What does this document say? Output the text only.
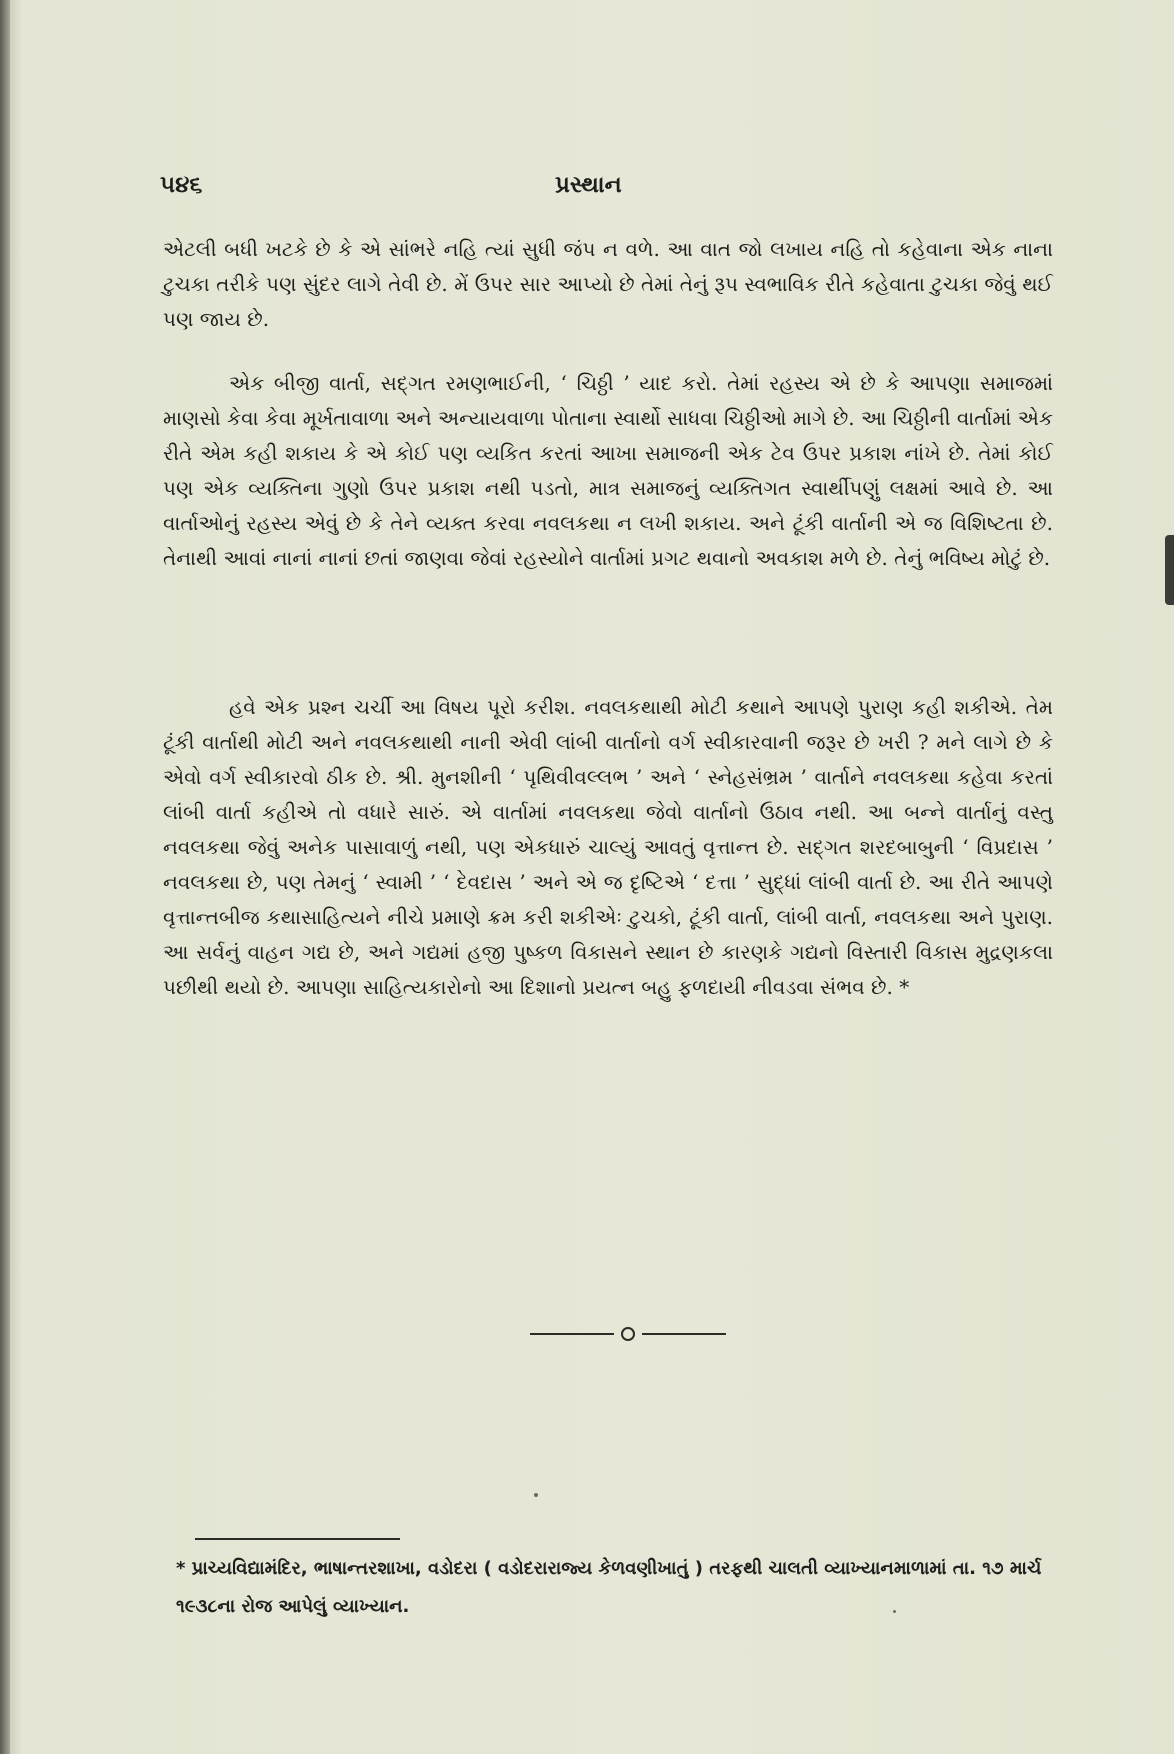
૫૪૬	પ્રસ્થાન

એટલી બધી ખટકે છે કે એ સાંભરે નહિ ત્યાં સુધી જંપ ન વળે. આ વાત જો લખાય નહિ તો કહેવાના એક નાના ટુચકા તરીકે પણ સુંદર લાગે તેવી છે. મેં ઉપર સાર આપ્યો છે તેમાં તેનું રૂપ સ્વભાવિક રીતે કહેવાતા ટુચકા જેવું થઈ પણ જાય છે.

એક બીજી વાર્તા, સદ્ગત રમણભાઈની, ‘ ચિઠ્ઠી ’ યાદ કરો. તેમાં રહસ્ય એ છે કે આપણા સમાજમાં માણસો કેવા કેવા મૂર્ખતાવાળા અને અન્યાયવાળા પોતાના સ્વાર્થો સાધવા ચિઠ્ઠીઓ માગે છે. આ ચિઠ્ઠીની વાર્તામાં એક રીતે એમ કહી શકાય કે એ કોઈ પણ વ્યકિત કરતાં આખા સમાજની એક ટેવ ઉપર પ્રકાશ નાંખે છે. તેમાં કોઈ પણ એક વ્યક્તિના ગુણો ઉપર પ્રકાશ નથી પડતો, માત્ર સમાજનું વ્યક્તિગત સ્વાર્થીપણું લક્ષમાં આવે છે. આ વાર્તાઓનું રહસ્ય એવું છે કે તેને વ્યક્ત કરવા નવલકથા ન લખી શકાય. અને ટૂંકી વાર્તાની એ જ વિશિષ્ટતા છે. તેનાથી આવાં નાનાં નાનાં છતાં જાણવા જેવાં રહસ્યોને વાર્તામાં પ્રગટ થવાનો અવકાશ મળે છે. તેનું ભવિષ્ય મોટું છે.

હવે એક પ્રશ્ન ચર્ચી આ વિષય પૂરો કરીશ. નવલકથાથી મોટી કથાને આપણે પુરાણ કહી શકીએ. તેમ ટૂંકી વાર્તાથી મોટી અને નવલકથાથી નાની એવી લાંબી વાર્તાનો વર્ગ સ્વીકારવાની જરૂર છે ખરી ? મને લાગે છે કે એવો વર્ગ સ્વીકારવો ઠીક છે. શ્રી. મુનશીની ‘ પૃથિવીવલ્લભ ’ અને ‘ સ્નેહસંભ્રમ ’ વાર્તાને નવલકથા કહેવા કરતાં લાંબી વાર્તા કહીએ તો વધારે સારું. એ વાર્તામાં નવલકથા જેવો વાર્તાનો ઉઠાવ નથી. આ બન્ને વાર્તાનું વસ્તુ નવલકથા જેવું અનેક પાસાવાળું નથી, પણ એકધારું ચાલ્યું આવતું વૃત્તાન્ત છે. સદ્ગત શરદબાબુની ‘ વિપ્રદાસ ’ નવલકથા છે, પણ તેમનું ‘ સ્વામી ’ ‘ દેવદાસ ’ અને એ જ દૃષ્ટિએ ‘ દત્તા ’ સુદ્ધાં લાંબી વાર્તા છે. આ રીતે આપણે વૃત્તાન્તબીજ કથાસાહિત્યને નીચે પ્રમાણે ક્રમ કરી શકીએઃ ટુચકો, ટૂંકી વાર્તા, લાંબી વાર્તા, નવલકથા અને પુરાણ. આ સર્વનું વાહન ગદ્ય છે, અને ગદ્યમાં હજી પુષ્કળ વિકાસને સ્થાન છે કારણકે ગદ્યનો વિસ્તારી વિકાસ મુદ્રણકલા પછીથી થયો છે. આપણા સાહિત્યકારોનો આ દિશાનો પ્રયત્ન બહુ ફળદાયી નીવડવા સંભવ છે. *

* પ્રાચ્યવિદ્યામંદિર, ભાષાન્તરશાખા, વડોદરા ( વડોદરારાજ્ય કેળવણીખાતું ) તરફથી ચાલતી વ્યાખ્યાનમાળામાં તા. ૧૭ માર્ચ ૧૯૩૮ના રોજ આપેલું વ્યાખ્યાન.
